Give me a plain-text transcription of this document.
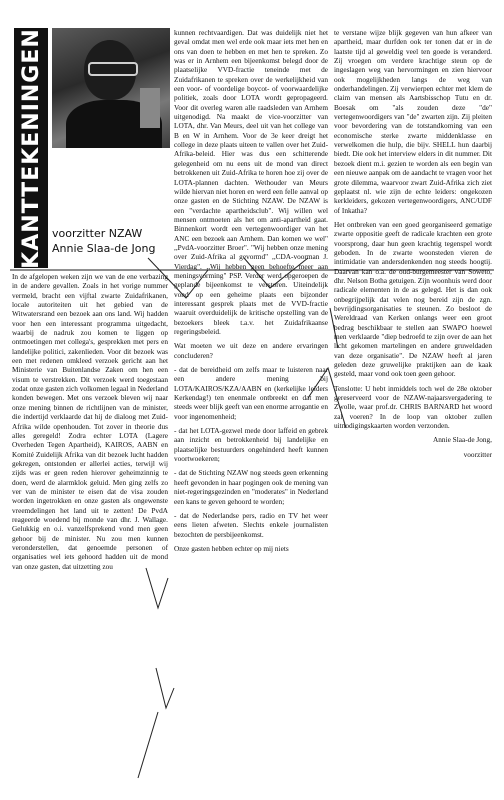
KANTTEKENINGEN voorzitter NZAW
Annie Slaa-de Jong

In de afgelopen weken zijn we van de ene verbazing in de andere gevallen. Zoals in het vorige nummer vermeld, bracht een vijftal zwarte Zuidafrikanen, locale autoriteiten uit het gebied van de Witwatersrand een bezoek aan ons land. Wij hadden voor hen een interessant programma uitgedacht, waarbij de nadruk zou komen te liggen op ontmoetingen met collega's, gesprekken met pers en landelijke politici, zakenlieden. Voor dit bezoek was een met redenen omkleed verzoek gericht aan het Ministerie van Buitenlandse Zaken om hen een visum te verstrekken. Dit verzoek werd toegestaan zodat onze gasten zich volkomen legaal in Nederland konden bewegen. Met ons verzoek bleven wij naar onze mening binnen de richtlijnen van de minister, die indertijd verklaarde dat hij de dialoog met Zuid-Afrika wilde openhouden. Tot zover in theorie dus alles geregeld! Zodra echter LOTA (Lagere Overheden Tegen Apartheid), KAIROS, AABN en Komité Zuidelijk Afrika van dit bezoek lucht hadden gekregen, ontstonden er allerlei acties, terwijl wij zijds was er geen reden hierover geheimzinnig te doen, werd de alarmklok geluid. Men ging zelfs zo ver van de minister te eisen dat de visa zouden worden ingetrokken en onze gasten als ongewenste vreemdelingen het land uit te zetten! De PvdA reageerde woedend bij monde van dhr. J. Wallage. Gelukkig en o.i. vanzelfsprekend vond men geen gehoor bij de minister. Nu zou men kunnen veronderstellen, dat genoemde personen of organisaties wel iets gehoord hadden uit de mond van onze gasten, dat uitzetting zou

kunnen rechtvaardigen. Dat was duidelijk niet het geval omdat men wel erde ook maar iets met hen en ons van doen te hebben en met hen te spreken. Zo was er in Arnhem een bijeenkomst belegd door de plaatselijke VVD-fractie teneinde met de Zuidafrikanen te spreken over de werkelijkheid van een voor- of voordelige boycot- of voorwaardelijke politiek, zoals door LOTA wordt gepropageerd. Voor dit overleg waren alle raadsleden van Arnhem uitgenodigd. Na maakt de vice-voorzitter van LOTA, dhr. Van Meurs, deel uit van het college van B en W in Arnhem. Voor de 3e keer dreigt het college in deze plaats uiteen te vallen over het Zuid-Afrika-beleid. Hier was dus een schitterende gelegenheid om nu eens uit de mond van direct betrokkenen uit Zuid-Afrika te horen hoe zij over de LOTA-plannen dachten. Wethouder van Meurs wilde hiervan niet horen en werd een felle aanval op onze gasten en de Stichting NZAW. De NZAW is een "verdachte apartheidsclub". Wij willen wel mensen ontmoeten als het om anti-apartheid gaat. Binnenkort wordt een vertegenwoordiger van het ANC een bezoek aan Arnhem. Dan komen we wel" ,,PvdA-voorzitter Broer". "Wij hebben onze mening over Zuid-Afrika al gevormd" ,,CDA-voorman J. Vierdag". ,,Wij hebben geen behoefte meer aan meningsvorming" PSP. Verder werd opgeroepen de geplande bijeenkomst te verstoren. Uiteindelijk vond op een geheime plaats een bijzonder interessant gesprek plaats met de VVD-fractie waaruit overduidelijk de kritische opstelling van de bezoekers bleek t.a.v. het Zuidafrikaanse regeringsbeleid.

Wat moeten we uit deze en andere ervaringen concluderen?

- dat de bereidheid om zelfs maar te luisteren naar een andere mening bij LOTA/KAIROS/KZA/AABN en (kerkelijke leiders Kerkendag!) ten enenmale ontbreekt en dat men steeds weer blijk geeft van een enorme arrogantie en voor ingenomenheid;

- dat het LOTA-gezwel mede door laffeid en gebrek aan inzicht en betrokkenheid bij landelijke en plaatselijke bestuurders ongehinderd heeft kunnen voortwoekeren;

- dat de Stichting NZAW nog steeds geen erkenning heeft gevonden in haar pogingen ook de mening van niet-regeringsgezinden en "moderates" in Nederland een kans te geven gehoord te worden;

- dat de Nederlandse pers, radio en TV het weer eens lieten afweten. Slechts enkele journalisten bezochten de persbijeenkomst.

Onze gasten hebben echter op mij niets

te verstane wijze blijk gegeven van hun afkeer van apartheid, maar durfden ook ter tonen dat er in de laatste tijd al geweldig veel ten goede is veranderd. Zij vroegen om verdere krachtige steun op de ingeslagen weg van hervormingen en zien hiervoor ook mogelijkheden langs de weg van onderhandelingen. Zij verwierpen echter met klem de claim van mensen als Aartsbisschop Tutu en dr. Boesak om "als zouden deze "de" vertegenwoordigers van "de" zwarten zijn. Zij pleiten voor bevordering van de totstandkoming van een economische sterke zwarte middenklasse en verwelkomen die hulp, die bijv. SHELL hun daarbij biedt. Die ook het interview elders in dit nummer. Dit bezoek dient m.i. gezien te worden als een begin van een nieuwe aanpak om de aandacht te vragen voor het grote dilemma, waarvoor zwart Zuid-Afrika zich ziet geplaatst nl. wie zijn de echte leiders: ongekozen kerkleiders, gekozen vertegenwoordigers, ANC/UDF of Inkatha?

Het ontbreken van een goed georganiseerd gematige zwarte oppositie geeft de radicale krachten een grote voorsprong, daar hun geen krachtig tegenspel wordt geboden. In de zwarte woonsteden vieren de intimidatie van andersdenkenden nog steeds hoogtij. Daarvan kan o.a. de oud-burgemeester van Soweto, dhr. Nelson Botha getuigen. Zijn woonhuis werd door radicale elementen in de as gelegd. Het is dan ook onbegrijpelijk dat velen nog bereid zijn de zgn. bevrijdingsorganisaties te steunen. Zo besloot de Wereldraad van Kerken onlangs weer een groot bedrag beschikbaar te stellen aan SWAPO hoewel men verklaarde "diep bedroefd te zijn over de aan het licht gekomen martelingen en andere gruweldaden van deze organisatie". De NZAW heeft al jaren geleden deze gruwelijke praktijken aan de kaak gesteld, maar vond ook toen geen gehoor.

Tenslotte: U hebt inmiddels toch wel de 28e oktober gereserveerd voor de NZAW-najaarsvergadering te Zwolle, waar prof.dr. CHRIS BARNARD het woord zal voeren? In de loop van oktober zullen uitnodigingskaarten worden verzonden.

Annie Slaa-de Jong,

voorzitter
